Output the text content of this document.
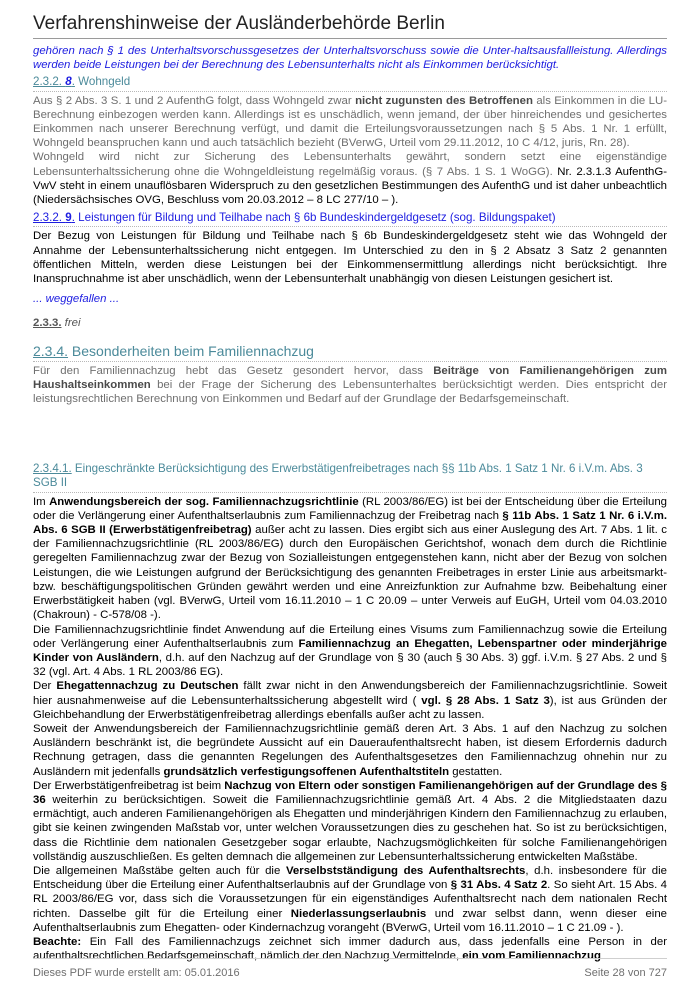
Verfahrenshinweise der Ausländerbehörde Berlin

gehören nach § 1 des Unterhaltsvorschussgesetzes der Unterhaltsvorschuss sowie die Unter-haltsausfallleistung. Allerdings werden beide Leistungen bei der Berechnung des Lebensunterhalts nicht als Einkommen berücksichtigt.

2.3.2. 8. Wohngeld

Aus § 2 Abs. 3 S. 1 und 2 AufenthG folgt, dass Wohngeld zwar nicht zugunsten des Betroffenen als Einkommen in die LU- Berechnung einbezogen werden kann. Allerdings ist es unschädlich, wenn jemand, der über hinreichendes und gesichertes Einkommen nach unserer Berechnung verfügt, und damit die Erteilungsvoraussetzungen nach § 5 Abs. 1 Nr. 1 erfüllt, Wohngeld beanspruchen kann und auch tatsächlich bezieht (BVerwG, Urteil vom 29.11.2012, 10 C 4/12, juris, Rn. 28).

Wohngeld wird nicht zur Sicherung des Lebensunterhalts gewährt, sondern setzt eine eigenständige Lebensunterhaltssicherung ohne die Wohngeldleistung regelmäßig voraus. (§ 7 Abs. 1 S. 1 WoGG). Nr. 2.3.1.3 AufenthG-VwV steht in einem unauflösbaren Widerspruch zu den gesetzlichen Bestimmungen des AufenthG und ist daher unbeachtlich (Niedersächsisches OVG, Beschluss vom 20.03.2012 – 8 LC 277/10 – ).

2.3.2. 9. Leistungen für Bildung und Teilhabe nach § 6b Bundeskindergeldgesetz (sog. Bildungspaket)

Der Bezug von Leistungen für Bildung und Teilhabe nach § 6b Bundeskindergeldgesetz steht wie das Wohngeld der Annahme der Lebensunterhaltssicherung nicht entgegen. Im Unterschied zu den in § 2 Absatz 3 Satz 2 genannten öffentlichen Mitteln, werden diese Leistungen bei der Einkommensermittlung allerdings nicht berücksichtigt. Ihre Inanspruchnahme ist aber unschädlich, wenn der Lebensunterhalt unabhängig von diesen Leistungen gesichert ist.

... weggefallen ...

2.3.3. frei

2.3.4. Besonderheiten beim Familiennachzug

Für den Familiennachzug hebt das Gesetz gesondert hervor, dass Beiträge von Familienangehörigen zum Haushaltseinkommen bei der Frage der Sicherung des Lebensunterhaltes berücksichtigt werden. Dies entspricht der leistungsrechtlichen Berechnung von Einkommen und Bedarf auf der Grundlage der Bedarfsgemeinschaft.

2.3.4.1. Eingeschränkte Berücksichtigung des Erwerbstätigenfreibetrages nach §§ 11b Abs. 1 Satz 1 Nr. 6 i.V.m. Abs. 3 SGB II

Im Anwendungsbereich der sog. Familiennachzugsrichtlinie (RL 2003/86/EG) ist bei der Entscheidung über die Erteilung oder die Verlängerung einer Aufenthaltserlaubnis zum Familiennachzug der Freibetrag nach § 11b Abs. 1 Satz 1 Nr. 6 i.V.m. Abs. 6 SGB II (Erwerbstätigenfreibetrag) außer acht zu lassen. Dies ergibt sich aus einer Auslegung des Art. 7 Abs. 1 lit. c der Familiennachzugsrichtlinie (RL 2003/86/EG) durch den Europäischen Gerichtshof, wonach dem durch die Richtlinie geregelten Familiennachzug zwar der Bezug von Sozialleistungen entgegenstehen kann, nicht aber der Bezug von solchen Leistungen, die wie Leistungen aufgrund der Berücksichtigung des genannten Freibetrages in erster Linie aus arbeitsmarkt- bzw. beschäftigungspolitischen Gründen gewährt werden und eine Anreizfunktion zur Aufnahme bzw. Beibehaltung einer Erwerbstätigkeit haben (vgl. BVerwG, Urteil vom 16.11.2010 – 1 C 20.09 – unter Verweis auf EuGH, Urteil vom 04.03.2010 (Chakroun) - C-578/08 -).

Die Familiennachzugsrichtlinie findet Anwendung auf die Erteilung eines Visums zum Familiennachzug sowie die Erteilung oder Verlängerung einer Aufenthaltserlaubnis zum Familiennachzug an Ehegatten, Lebenspartner oder minderjährige Kinder von Ausländern, d.h. auf den Nachzug auf der Grundlage von § 30 (auch § 30 Abs. 3) ggf. i.V.m. § 27 Abs. 2 und § 32 (vgl. Art. 4 Abs. 1 RL 2003/86 EG).

Der Ehegattennachzug zu Deutschen fällt zwar nicht in den Anwendungsbereich der Familiennachzugsrichtlinie. Soweit hier ausnahmenweise auf die Lebensunterhaltssicherung abgestellt wird ( vgl. § 28 Abs. 1 Satz 3), ist aus Gründen der Gleichbehandlung der Erwerbstätigenfreibetrag allerdings ebenfalls außer acht zu lassen.

Soweit der Anwendungsbereich der Familiennachzugsrichtlinie gemäß deren Art. 3 Abs. 1 auf den Nachzug zu solchen Ausländern beschränkt ist, die begründete Aussicht auf ein Daueraufenthaltsrecht haben, ist diesem Erfordernis dadurch Rechnung getragen, dass die genannten Regelungen des Aufenthaltsgesetzes den Familiennachzug ohnehin nur zu Ausländern mit jedenfalls grundsätzlich verfestigungsoffenen Aufenthaltstiteln gestatten.

Der Erwerbstätigenfreibetrag ist beim Nachzug von Eltern oder sonstigen Familienangehörigen auf der Grundlage des § 36 weiterhin zu berücksichtigen. Soweit die Familiennachzugsrichtlinie gemäß Art. 4 Abs. 2 die Mitgliedstaaten dazu ermächtigt, auch anderen Familienangehörigen als Ehegatten und minderjährigen Kindern den Familiennachzug zu erlauben, gibt sie keinen zwingenden Maßstab vor, unter welchen Voraussetzungen dies zu geschehen hat. So ist zu berücksichtigen, dass die Richtlinie dem nationalen Gesetzgeber sogar erlaubte, Nachzugsmöglichkeiten für solche Familienangehörigen vollständig auszuschließen. Es gelten demnach die allgemeinen zur Lebensunterhaltssicherung entwickelten Maßstäbe.

Die allgemeinen Maßstäbe gelten auch für die Verselbstständigung des Aufenthaltsrechts, d.h. insbesondere für die Entscheidung über die Erteilung einer Aufenthaltserlaubnis auf der Grundlage von § 31 Abs. 4 Satz 2. So sieht Art. 15 Abs. 4 RL 2003/86/EG vor, dass sich die Voraussetzungen für ein eigenständiges Aufenthaltsrecht nach dem nationalen Recht richten. Dasselbe gilt für die Erteilung einer Niederlassungserlaubnis und zwar selbst dann, wenn dieser eine Aufenthaltserlaubnis zum Ehegatten- oder Kindernachzug vorangeht (BVerwG, Urteil vom 16.11.2010 – 1 C 21.09 - ).

Beachte: Ein Fall des Familiennachzugs zeichnet sich immer dadurch aus, dass jedenfalls eine Person in der aufenthaltsrechtlichen Bedarfsgemeinschaft, nämlich der den Nachzug Vermittelnde, ein vom Familiennachzug

Dieses PDF wurde erstellt am: 05.01.2016	Seite 28 von 727
